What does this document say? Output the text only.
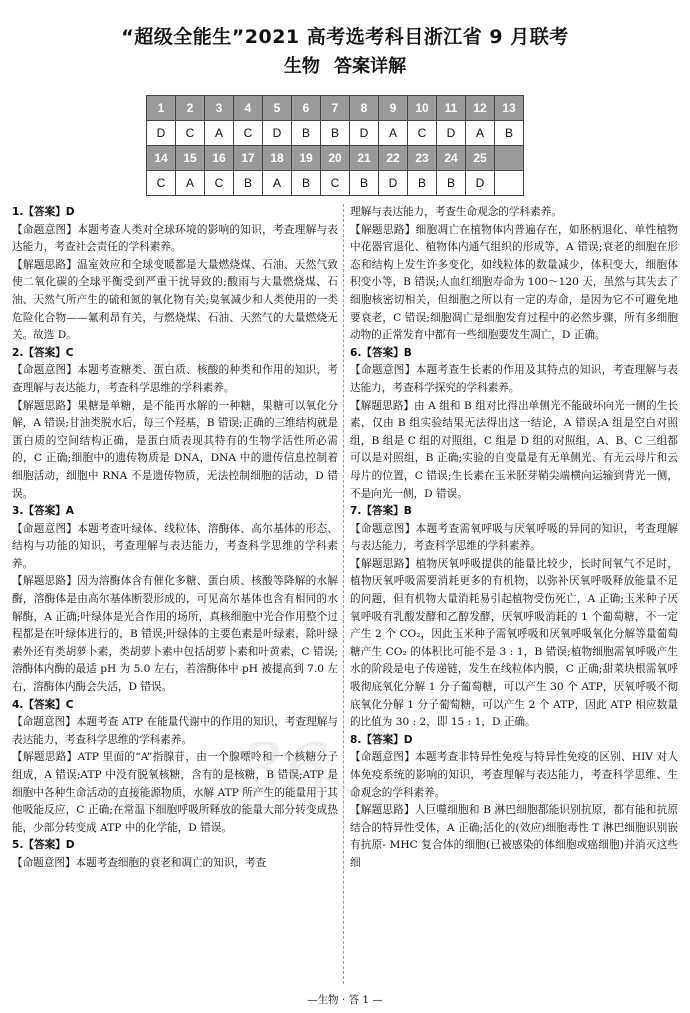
“超级全能生”2021 高考选考科目浙江省 9 月联考
生物 答案详解
1	2	3	4	5	6	7	8	9	10	11	12	13
D	C	A	C	D	B	B	D	A	C	D	A	B
14	15	16	17	18	19	20	21	22	23	24	25	
C	A	C	B	A	B	C	B	D	B	B	D	

1.【答案】D

【命题意图】本题考查人类对全球环境的影响的知识，考查理解与表达能力，考查社会责任的学科素养。

【解题思路】温室效应和全球变暖都是大量燃烧煤、石油、天然气致使二氧化碳的全球平衡受到严重干扰导致的;酸雨与大量燃烧煤、石油、天然气所产生的硫和氮的氧化物有关;臭氧减少和人类使用的一类危险化合物——氟利昂有关，与燃烧煤、石油、天然气的大量燃烧无关。故选 D。

2.【答案】C

【命题意图】本题考查糖类、蛋白质、核酸的种类和作用的知识，考查理解与表达能力，考查科学思维的学科素养。

【解题思路】果糖是单糖，是不能再水解的一种糖，果糖可以氧化分解，A 错误;甘油类脱水后，每三个羟基，B 错误;正确的三维结构就是蛋白质的空间结构正确，是蛋白质表现其特有的生物学活性所必需的，C 正确;细胞中的遗传物质是 DNA，DNA 中的遗传信息控制着细胞活动，细胞中 RNA 不是遗传物质，无法控制细胞的活动，D 错误。

3.【答案】A

【命题意图】本题考查叶绿体、线粒体、溶酶体、高尔基体的形态、结构与功能的知识，考查理解与表达能力，考查科学思维的学科素养。

【解题思路】因为溶酶体含有催化多糖、蛋白质、核酸等降解的水解酶，溶酶体是由高尔基体断裂形成的，可见高尔基体也含有相同的水解酶，A 正确;叶绿体是光合作用的场所，真核细胞中光合作用整个过程都是在叶绿体进行的，B 错误;叶绿体的主要色素是叶绿素，除叶绿素外还有类胡萝卜素，类胡萝卜素中包括胡萝卜素和叶黄素，C 错误;溶酶体内酶的最适 pH 为 5.0 左右，若溶酶体中 pH 被提高到 7.0 左右，溶酶体内酶会失活，D 错误。

4.【答案】C

【命题意图】本题考查 ATP 在能量代谢中的作用的知识，考查理解与表达能力，考查科学思维的学科素养。

【解题思路】ATP 里面的“A”指腺苷，由一个腺嘌呤和一个核糖分子组成，A 错误;ATP 中没有脱氧核糖，含有的是核糖，B 错误;ATP 是细胞中各种生命活动的直接能源物质，水解 ATP 所产生的能量用于其他吸能反应，C 正确;在常温下细胞呼吸所释放的能量大部分转变成热能，少部分转变成 ATP 中的化学能，D 错误。

5.【答案】D

【命题意图】本题考查细胞的衰老和凋亡的知识，考查

理解与表达能力，考查生命观念的学科素养。

【解题思路】细胞凋亡在植物体内普遍存在，如胚柄退化、单性植物中花器官退化、植物体内通气组织的形成等，A 错误;衰老的细胞在形态和结构上发生许多变化，如线粒体的数量减少，体积变大，细胞体积变小等，B 错误;人血红细胞寿命为 100～120 天，虽然与其失去了细胞核密切相关，但细胞之所以有一定的寿命，是因为它不可避免地要衰老，C 错误;细胞凋亡是细胞发育过程中的必然步骤，所有多细胞动物的正常发育中都有一些细胞要发生凋亡，D 正确。

6.【答案】B

【命题意图】本题考查生长素的作用及其特点的知识，考查理解与表达能力，考查科学探究的学科素养。

【解题思路】由 A 组和 B 组对比得出单侧光不能破坏向光一侧的生长素，仅由 B 组实验结果无法得出这一结论，A 错误;A 组是空白对照组，B 组是 C 组的对照组，C 组是 D 组的对照组，A、B、C 三组都可以是对照组，B 正确;实验的自变量是有无单侧光、有无云母片和云母片的位置，C 错误;生长素在玉米胚芽鞘尖端横向运输到背光一侧，不是向光一侧，D 错误。

7.【答案】B

【命题意图】本题考查需氧呼吸与厌氧呼吸的异同的知识，考查理解与表达能力，考查科学思维的学科素养。

【解题思路】植物厌氧呼吸提供的能量比较少，长时间氧气不足时，植物厌氧呼吸需要消耗更多的有机物，以弥补厌氧呼吸释放能量不足的问题，但有机物大量消耗易引起植物受伤死亡，A 正确;玉米种子厌氧呼吸有乳酸发酵和乙醇发酵，厌氧呼吸消耗的 1 个葡萄糖，不一定产生 2 个 CO₂，因此玉米种子需氧呼吸和厌氧呼吸氧化分解等量葡萄糖产生 CO₂ 的体积比可能不是 3 : 1，B 错误;植物细胞需氧呼吸产生水的阶段是电子传递链，发生在线粒体内膜，C 正确;甜菜块根需氧呼吸彻底氧化分解 1 分子葡萄糖，可以产生 30 个 ATP，厌氧呼吸不彻底氧化分解 1 分子葡萄糖，可以产生 2 个 ATP，因此 ATP 相应数量的比值为 30 : 2，即 15 : 1，D 正确。

8.【答案】D

【命题意图】本题考查非特异性免疫与特异性免疫的区别、HIV 对人体免疫系统的影响的知识，考查理解与表达能力，考查科学思维、生命观念的学科素养。

【解题思路】人巨噬细胞和 B 淋巴细胞都能识别抗原，都有能和抗原结合的特异性受体，A 正确;活化的(效应)细胞毒性 T 淋巴细胞识别嵌有抗原- MHC 复合体的细胞(已被感染的体细胞或癌细胞)并消灭这些细

36
—生物 · 答 1 —
